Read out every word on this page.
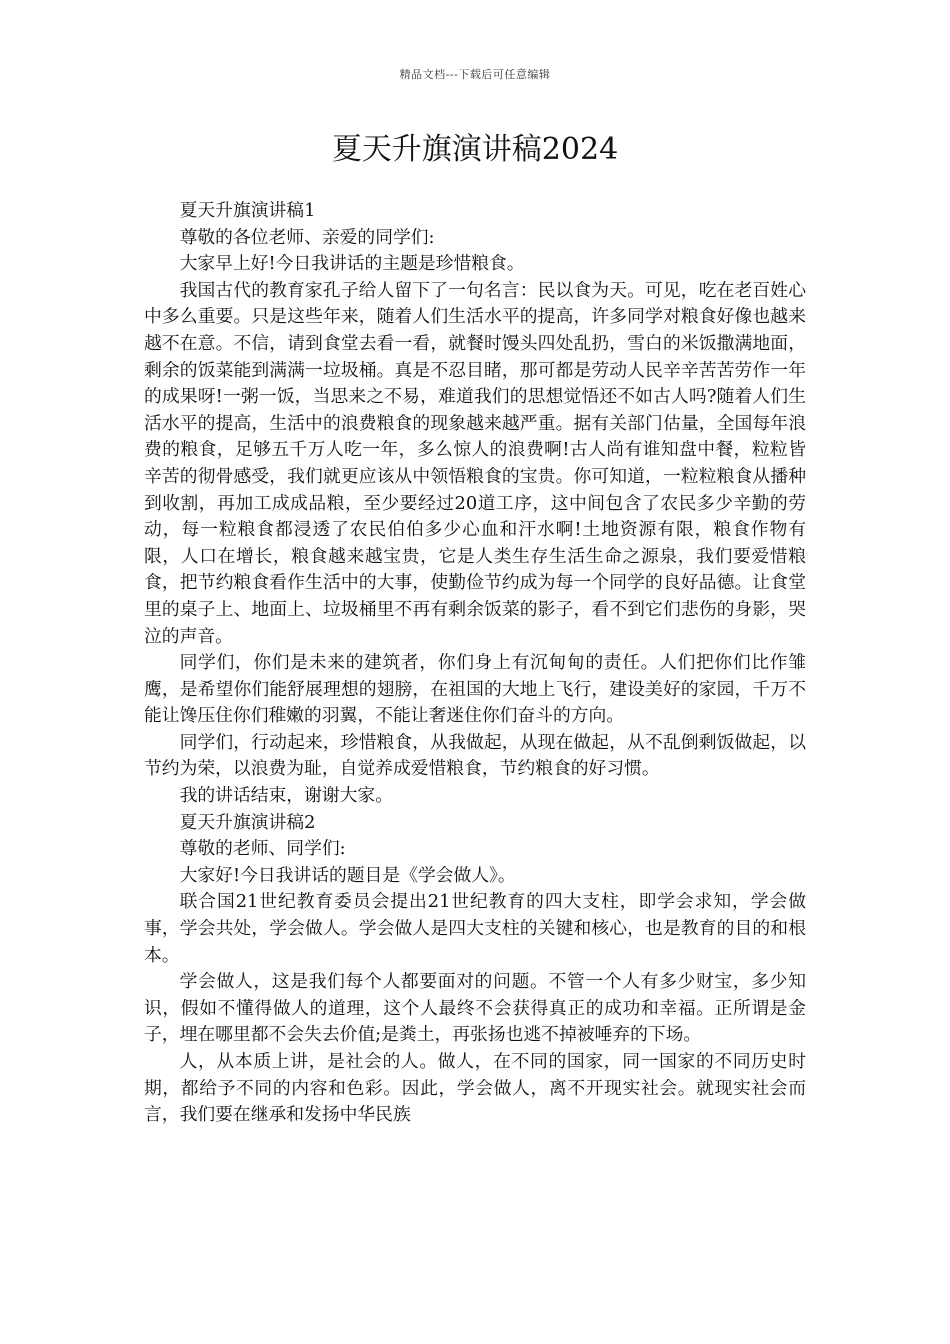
精品文档---下载后可任意编辑
夏天升旗演讲稿2024

夏天升旗演讲稿1

尊敬的各位老师、亲爱的同学们:

大家早上好!今日我讲话的主题是珍惜粮食。

我国古代的教育家孔子给人留下了一句名言：民以食为天。可见，吃在老百姓心中多么重要。只是这些年来，随着人们生活水平的提高，许多同学对粮食好像也越来越不在意。不信，请到食堂去看一看，就餐时馒头四处乱扔，雪白的米饭撒满地面，剩余的饭菜能到满满一垃圾桶。真是不忍目睹，那可都是劳动人民辛辛苦苦劳作一年的成果呀!一粥一饭，当思来之不易，难道我们的思想觉悟还不如古人吗?随着人们生活水平的提高，生活中的浪费粮食的现象越来越严重。据有关部门估量，全国每年浪费的粮食，足够五千万人吃一年，多么惊人的浪费啊!古人尚有谁知盘中餐，粒粒皆辛苦的彻骨感受，我们就更应该从中领悟粮食的宝贵。你可知道，一粒粒粮食从播种到收割，再加工成成品粮，至少要经过20道工序，这中间包含了农民多少辛勤的劳动，每一粒粮食都浸透了农民伯伯多少心血和汗水啊!土地资源有限，粮食作物有限，人口在增长，粮食越来越宝贵，它是人类生存生活生命之源泉，我们要爱惜粮食，把节约粮食看作生活中的大事，使勤俭节约成为每一个同学的良好品德。让食堂里的桌子上、地面上、垃圾桶里不再有剩余饭菜的影子，看不到它们悲伤的身影，哭泣的声音。

同学们，你们是未来的建筑者，你们身上有沉甸甸的责任。人们把你们比作雏鹰，是希望你们能舒展理想的翅膀，在祖国的大地上飞行，建设美好的家园，千万不能让馋压住你们稚嫩的羽翼，不能让奢迷住你们奋斗的方向。

同学们，行动起来，珍惜粮食，从我做起，从现在做起，从不乱倒剩饭做起，以节约为荣，以浪费为耻，自觉养成爱惜粮食，节约粮食的好习惯。

我的讲话结束，谢谢大家。

夏天升旗演讲稿2

尊敬的老师、同学们:

大家好!今日我讲话的题目是《学会做人》。

联合国21世纪教育委员会提出21世纪教育的四大支柱，即学会求知，学会做事，学会共处，学会做人。学会做人是四大支柱的关键和核心，也是教育的目的和根本。

学会做人，这是我们每个人都要面对的问题。不管一个人有多少财宝，多少知识，假如不懂得做人的道理，这个人最终不会获得真正的成功和幸福。正所谓是金子，埋在哪里都不会失去价值;是粪土，再张扬也逃不掉被唾弃的下场。

人，从本质上讲，是社会的人。做人，在不同的国家，同一国家的不同历史时期，都给予不同的内容和色彩。因此，学会做人，离不开现实社会。就现实社会而言，我们要在继承和发扬中华民族
